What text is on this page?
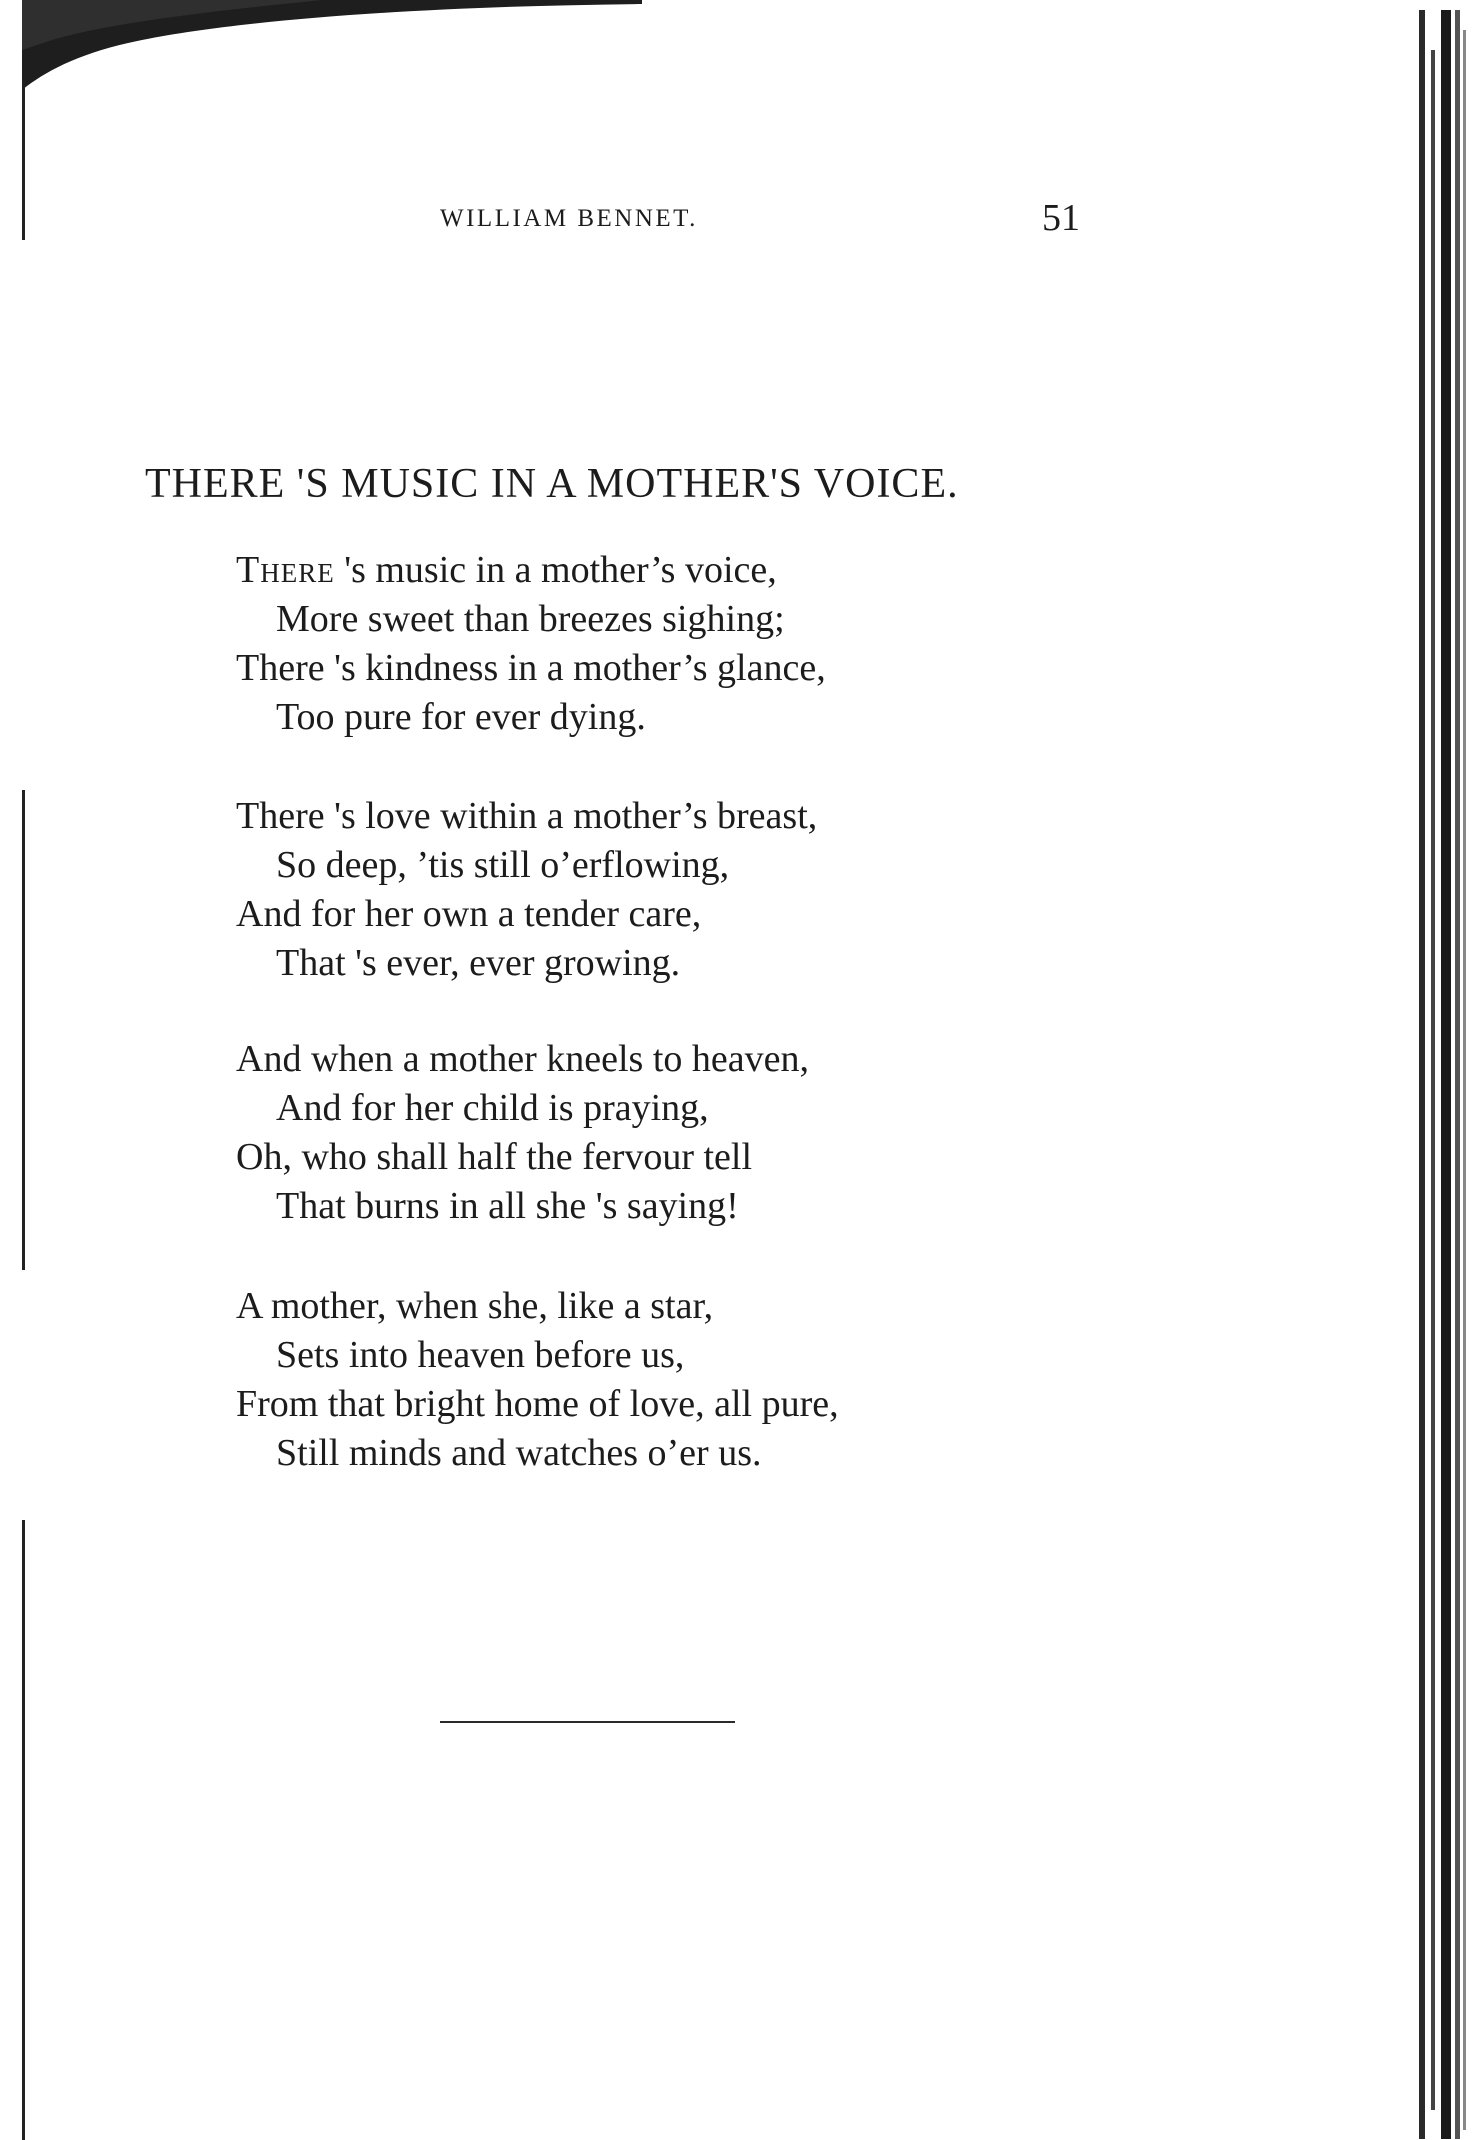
WILLIAM BENNET.	51
THERE 'S MUSIC IN A MOTHER'S VOICE.
There 's music in a mother’s voice,
More sweet than breezes sighing;
There 's kindness in a mother’s glance,
Too pure for ever dying.
There 's love within a mother’s breast,
So deep, ’tis still o’erflowing,
And for her own a tender care,
That 's ever, ever growing.
And when a mother kneels to heaven,
And for her child is praying,
Oh, who shall half the fervour tell
That burns in all she 's saying!
A mother, when she, like a star,
Sets into heaven before us,
From that bright home of love, all pure,
Still minds and watches o’er us.
